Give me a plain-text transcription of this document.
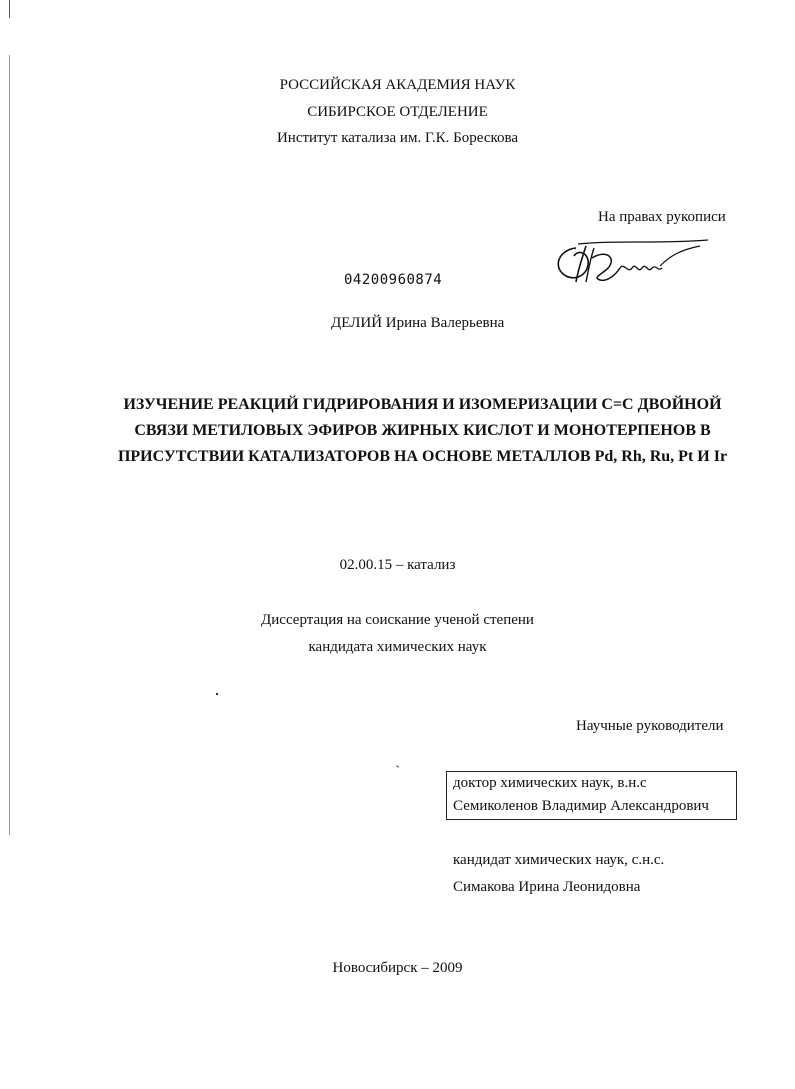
РОССИЙСКАЯ АКАДЕМИЯ НАУК
СИБИРСКОЕ ОТДЕЛЕНИЕ
Институт катализа им. Г.К. Борескова
На правах рукописи
04200960874
ДЕЛИЙ Ирина Валерьевна
ИЗУЧЕНИЕ РЕАКЦИЙ ГИДРИРОВАНИЯ И ИЗОМЕРИЗАЦИИ С=С ДВОЙНОЙ
СВЯЗИ МЕТИЛОВЫХ ЭФИРОВ ЖИРНЫХ КИСЛОТ И МОНОТЕРПЕНОВ В
ПРИСУТСТВИИ КАТАЛИЗАТОРОВ НА ОСНОВЕ МЕТАЛЛОВ Pd, Rh, Ru, Pt И Ir
02.00.15 – катализ
Диссертация на соискание ученой степени
кандидата химических наук
Научные руководители
доктор химических наук, в.н.с
Семиколенов Владимир Александрович
кандидат химических наук, с.н.с.
Симакова Ирина Леонидовна
Новосибирск – 2009
